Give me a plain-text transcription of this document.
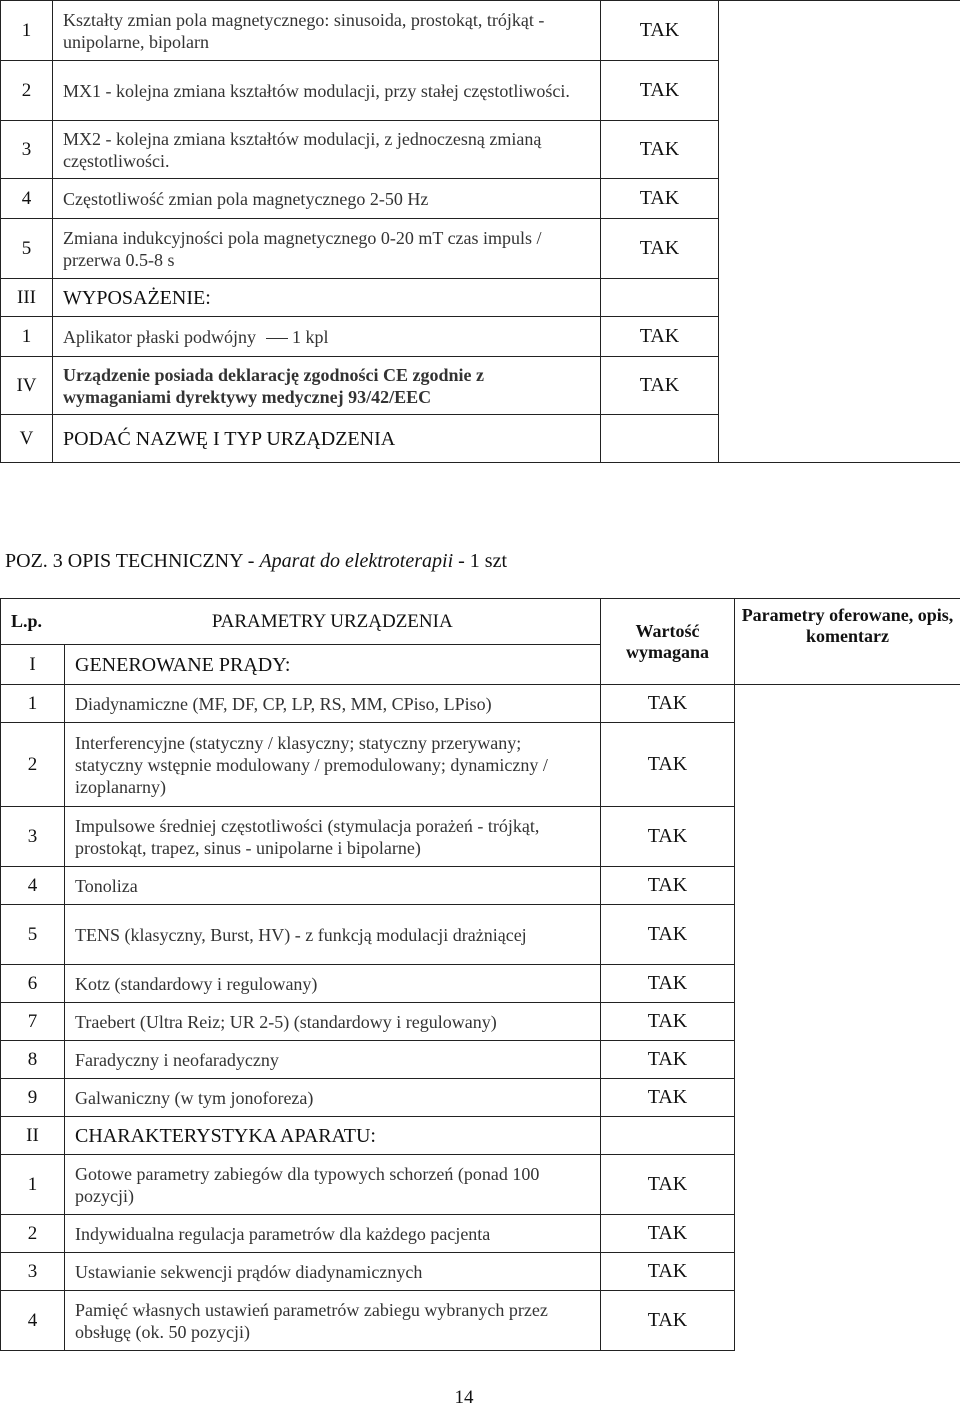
1	Kształty zmian pola magnetycznego: sinusoida, prostokąt, trójkąt - unipolarne, bipolarn	TAK	
2	MX1 - kolejna zmiana kształtów modulacji, przy stałej częstotliwości.	TAK	
3	MX2 - kolejna zmiana kształtów modulacji, z jednoczesną zmianą częstotliwości.	TAK	
4	Częstotliwość zmian pola magnetycznego 2-50 Hz	TAK	
5	Zmiana indukcyjności pola magnetycznego 0-20 mT czas impuls / przerwa 0.5-8 s	TAK	
III	WYPOSAŻENIE:		
1	Aplikator płaski podwójny 1 kpl	TAK	
IV	Urządzenie posiada deklarację zgodności CE zgodnie z wymaganiami dyrektywy medycznej 93/42/EEC	TAK	
V	PODAĆ NAZWĘ I TYP URZĄDZENIA		
POZ. 3 OPIS TECHNICZNY - Aparat do elektroterapii - 1 szt
L.p.	PARAMETRY URZĄDZENIA	Wartość wymagana	Parametry oferowane, opis, komentarz
I	GENEROWANE PRĄDY:		
1	Diadynamiczne (MF, DF, CP, LP, RS, MM, CPiso, LPiso)	TAK	
2	Interferencyjne (statyczny / klasyczny; statyczny przerywany; statyczny wstępnie modulowany / premodulowany; dynamiczny / izoplanarny)	TAK	
3	Impulsowe średniej częstotliwości (stymulacja porażeń - trójkąt, prostokąt, trapez, sinus - unipolarne i bipolarne)	TAK	
4	Tonoliza	TAK	
5	TENS (klasyczny, Burst, HV) - z funkcją modulacji drażniącej	TAK	
6	Kotz (standardowy i regulowany)	TAK	
7	Traebert (Ultra Reiz; UR 2-5) (standardowy i regulowany)	TAK	
8	Faradyczny i neofaradyczny	TAK	
9	Galwaniczny (w tym jonoforeza)	TAK	
II	CHARAKTERYSTYKA APARATU:		
1	Gotowe parametry zabiegów dla typowych schorzeń (ponad 100 pozycji)	TAK	
2	Indywidualna regulacja parametrów dla każdego pacjenta	TAK	
3	Ustawianie sekwencji prądów diadynamicznych	TAK	
4	Pamięć własnych ustawień parametrów zabiegu wybranych przez obsługę (ok. 50 pozycji)	TAK	
14
